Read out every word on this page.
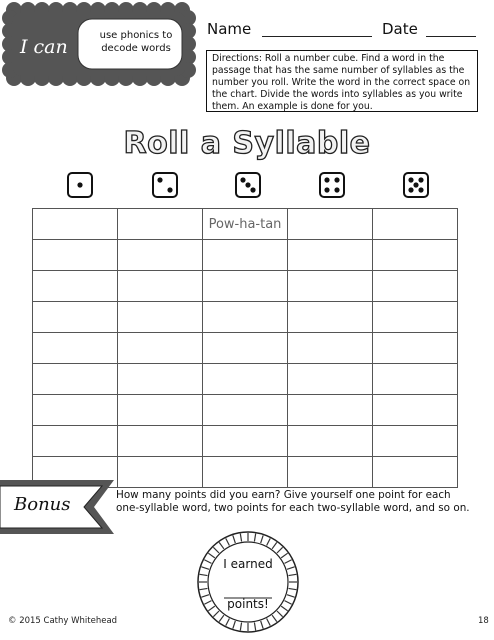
I can
use phonics to decode words
Name	Date
Directions: Roll a number cube. Find a word in the passage that has the same number of syllables as the number you roll. Write the word in the correct space on the chart. Divide the words into syllables as you write them. An example is done for you.
Roll a Syllable
		Pow-ha-tan		

Bonus	How many points did you earn? Give yourself one point for each one-syllable word, two points for each two-syllable word, and so on.
I earned
points!
© 2015 Cathy Whitehead	18
